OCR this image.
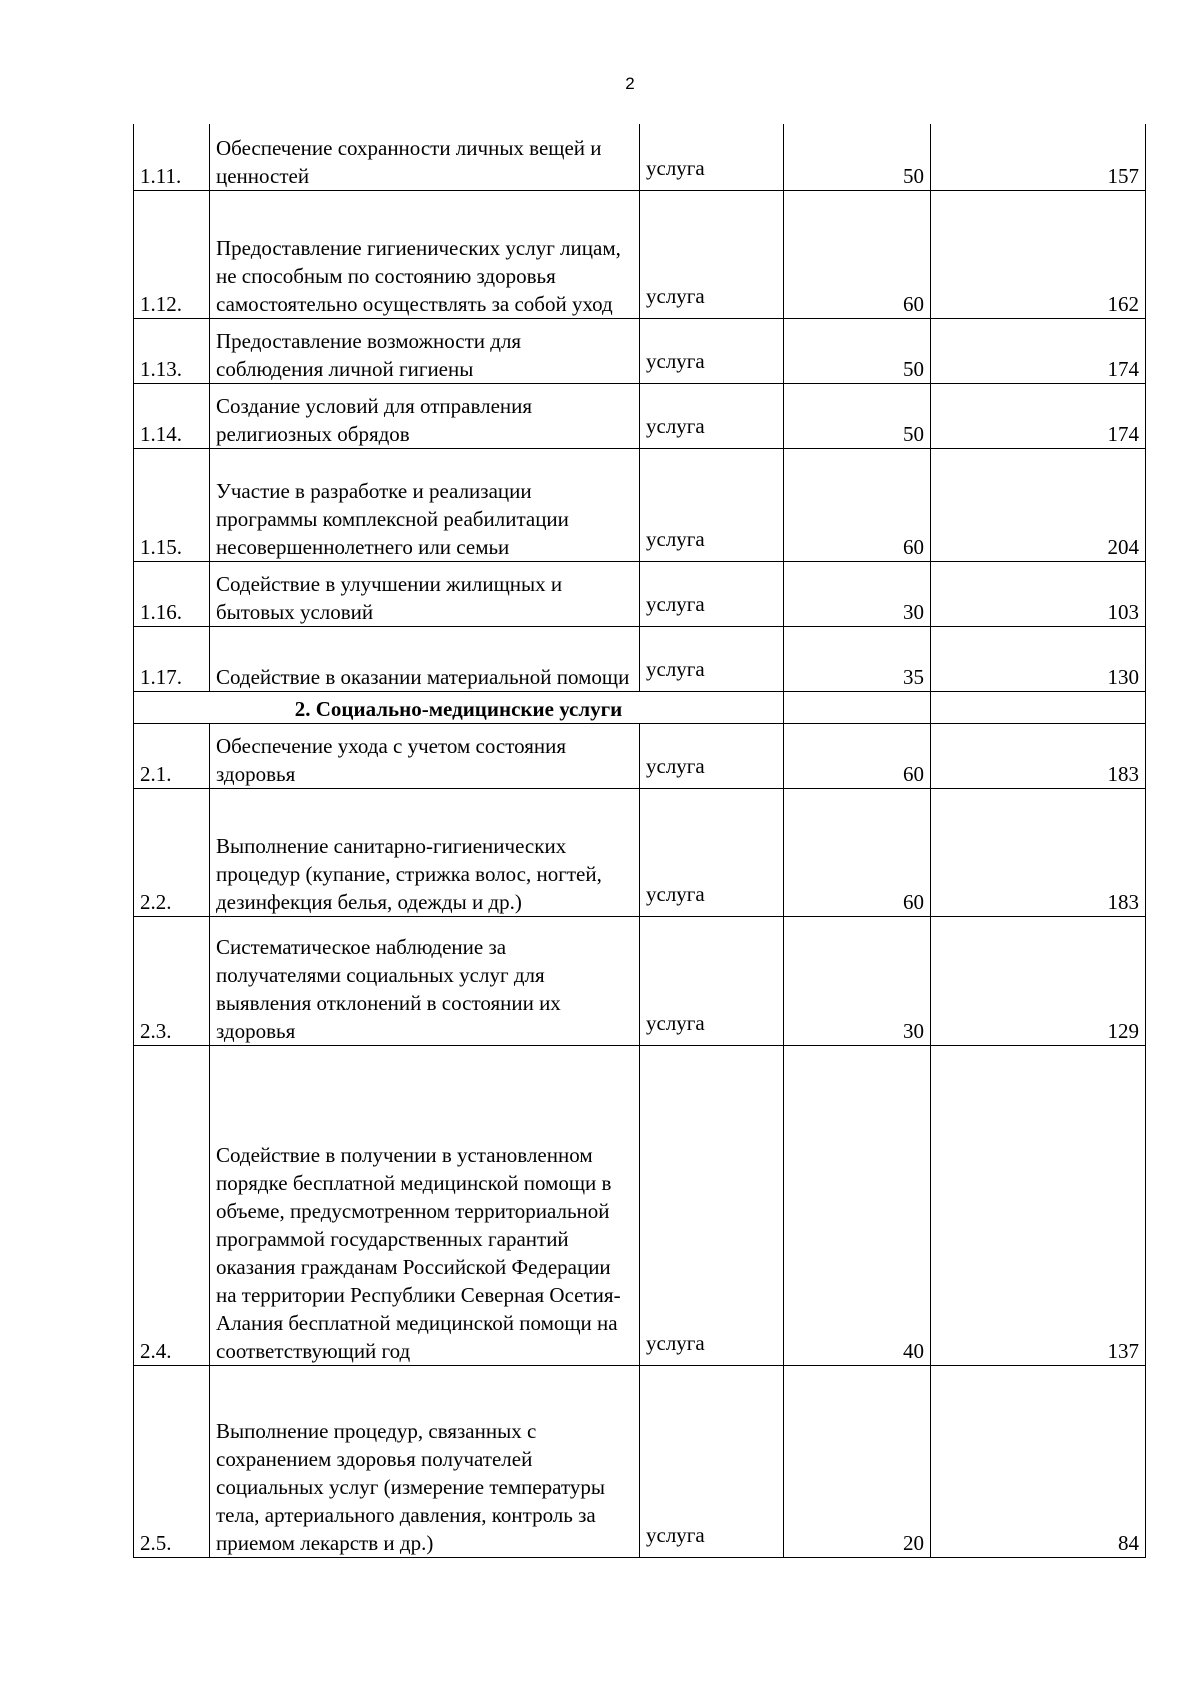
2
1.11.	Обеспечение сохранности личных вещей и ценностей	услуга	50	157
1.12.	Предоставление гигиенических услуг лицам, не способным по состоянию здоровья самостоятельно осуществлять за собой уход	услуга	60	162
1.13.	Предоставление возможности для соблюдения личной гигиены	услуга	50	174
1.14.	Создание условий для отправления религиозных обрядов	услуга	50	174
1.15.	Участие в разработке и реализации программы комплексной реабилитации несовершеннолетнего или семьи	услуга	60	204
1.16.	Содействие в улучшении жилищных и бытовых условий	услуга	30	103
1.17.	Содействие в оказании материальной помощи	услуга	35	130
2. Социально-медицинские услуги				
2.1.	Обеспечение ухода с учетом состояния здоровья	услуга	60	183
2.2.	Выполнение санитарно-гигиенических процедур (купание, стрижка волос, ногтей, дезинфекция белья, одежды и др.)	услуга	60	183
2.3.	Систематическое наблюдение за получателями социальных услуг для выявления отклонений в состоянии их здоровья	услуга	30	129
2.4.	Содействие в получении в установленном порядке бесплатной медицинской помощи в объеме, предусмотренном территориальной программой государственных гарантий оказания гражданам Российской Федерации на территории Республики Северная Осетия-Алания бесплатной медицинской помощи на соответствующий год	услуга	40	137
2.5.	Выполнение процедур, связанных с сохранением здоровья получателей социальных услуг (измерение температуры тела, артериального давления, контроль за приемом лекарств и др.)	услуга	20	84
